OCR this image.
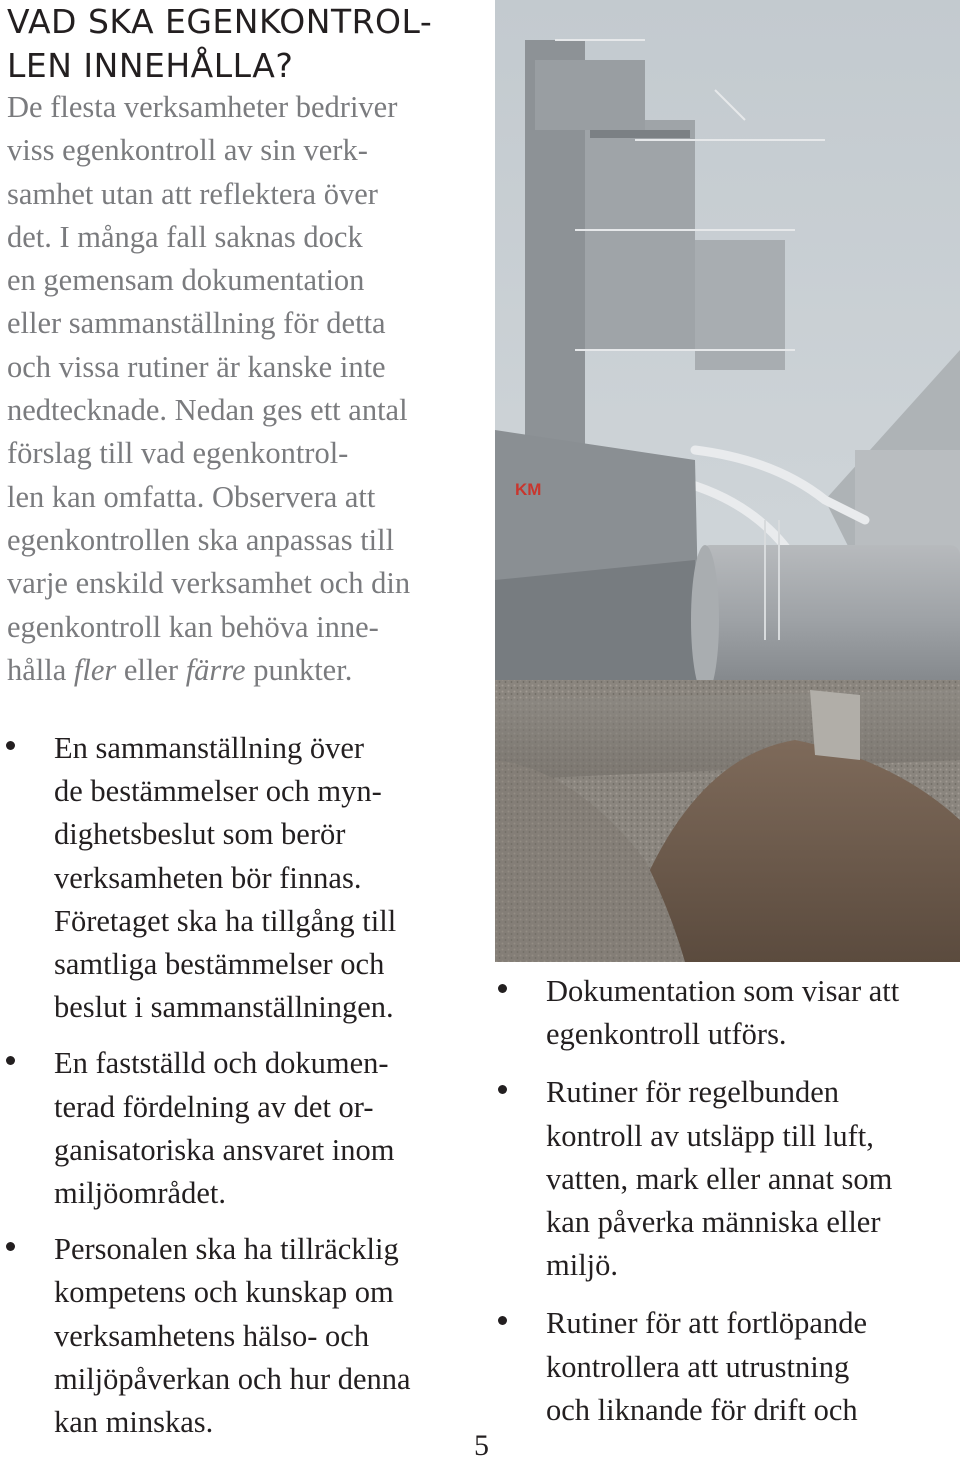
VAD SKA EGENKONTROL-
LEN INNEHÅLLA?
De flesta verksamheter bedriver
viss egenkontroll av sin verk-
samhet utan att reflektera över
det. I många fall saknas dock
en gemensam dokumentation
eller sammanställning för detta
och vissa rutiner är kanske inte
nedtecknade. Nedan ges ett antal
förslag till vad egenkontrol-
len kan omfatta. Observera att
egenkontrollen ska anpassas till
varje enskild verksamhet och din
egenkontroll kan behöva inne-
hålla fler eller färre punkter.
En sammanställning över
de bestämmelser och myn-
dighetsbeslut som berör
verksamheten bör finnas.
Företaget ska ha tillgång till
samtliga bestämmelser och
beslut i sammanställningen.
En fastställd och dokumen-
terad fördelning av det or-
ganisatoriska ansvaret inom
miljöområdet.
Personalen ska ha tillräcklig
kompetens och kunskap om
verksamhetens hälso- och
miljöpåverkan och hur denna
kan minskas.
Dokumentation som visar att
egenkontroll utförs.
Rutiner för regelbunden
kontroll av utsläpp till luft,
vatten, mark eller annat som
kan påverka människa eller
miljö.
Rutiner för att fortlöpande
kontrollera att utrustning
och liknande för drift och
5
KM
